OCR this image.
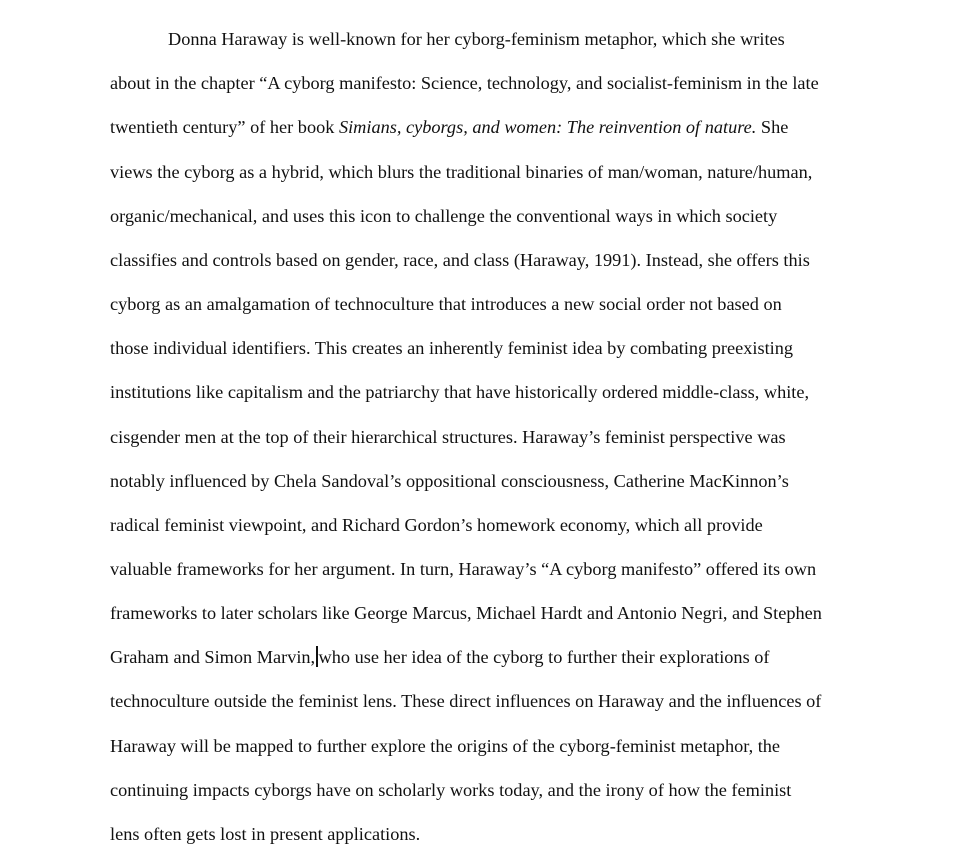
Donna Haraway is well-known for her cyborg-feminism metaphor, which she writes
about in the chapter “A cyborg manifesto: Science, technology, and socialist-feminism in the late
twentieth century” of her book Simians, cyborgs, and women: The reinvention of nature. She
views the cyborg as a hybrid, which blurs the traditional binaries of man/woman, nature/human,
organic/mechanical, and uses this icon to challenge the conventional ways in which society
classifies and controls based on gender, race, and class (Haraway, 1991). Instead, she offers this
cyborg as an amalgamation of technoculture that introduces a new social order not based on
those individual identifiers. This creates an inherently feminist idea by combating preexisting
institutions like capitalism and the patriarchy that have historically ordered middle-class, white,
cisgender men at the top of their hierarchical structures. Haraway’s feminist perspective was
notably influenced by Chela Sandoval’s oppositional consciousness, Catherine MacKinnon’s
radical feminist viewpoint, and Richard Gordon’s homework economy, which all provide
valuable frameworks for her argument. In turn, Haraway’s “A cyborg manifesto” offered its own
frameworks to later scholars like George Marcus, Michael Hardt and Antonio Negri, and Stephen
Graham and Simon Marvin, who use her idea of the cyborg to further their explorations of
technoculture outside the feminist lens. These direct influences on Haraway and the influences of
Haraway will be mapped to further explore the origins of the cyborg-feminist metaphor, the
continuing impacts cyborgs have on scholarly works today, and the irony of how the feminist
lens often gets lost in present applications.
